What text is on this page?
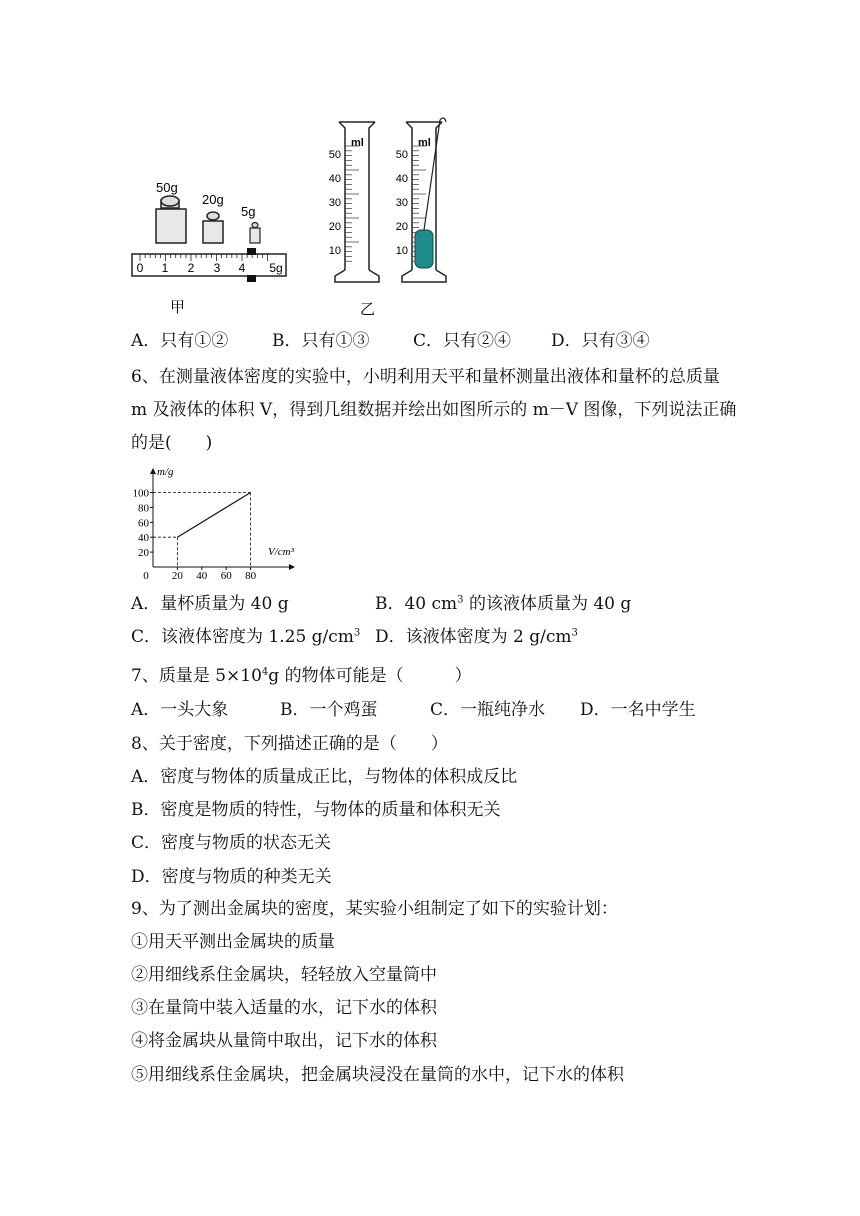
50g
20g
5g
0 1 2 3 4 5g
甲
ml
50
40
30
20
10
ml
50
40
30
20
10
乙
A．只有①②	B．只有①③	C．只有②④ D．只有③④
6、在测量液体密度的实验中，小明利用天平和量杯测量出液体和量杯的总质量
m 及液体的体积 V，得到几组数据并绘出如图所示的 m－V 图像，下列说法正确
的是(　　)
m/g
V/cm³
0
20
40
60
80
100
20 40 60 80
A．量杯质量为 40 g	B．40 $cm^3$ 的该液体质量为 40 g
C．该液体密度为 1.25 $g/cm^3$ D．该液体密度为 2 $g/cm^3$
7、质量是 $5\times 10^4g$ 的物体可能是（　　　）
A．一头大象	B．一个鸡蛋	C．一瓶纯净水 D．一名中学生
8、关于密度，下列描述正确的是（　　）
A．密度与物体的质量成正比，与物体的体积成反比
B．密度是物质的特性，与物体的质量和体积无关
C．密度与物质的状态无关
D．密度与物质的种类无关
9、为了测出金属块的密度，某实验小组制定了如下的实验计划：
①用天平测出金属块的质量
②用细线系住金属块，轻轻放入空量筒中
③在量筒中装入适量的水，记下水的体积
④将金属块从量筒中取出，记下水的体积
⑤用细线系住金属块，把金属块浸没在量筒的水中，记下水的体积
